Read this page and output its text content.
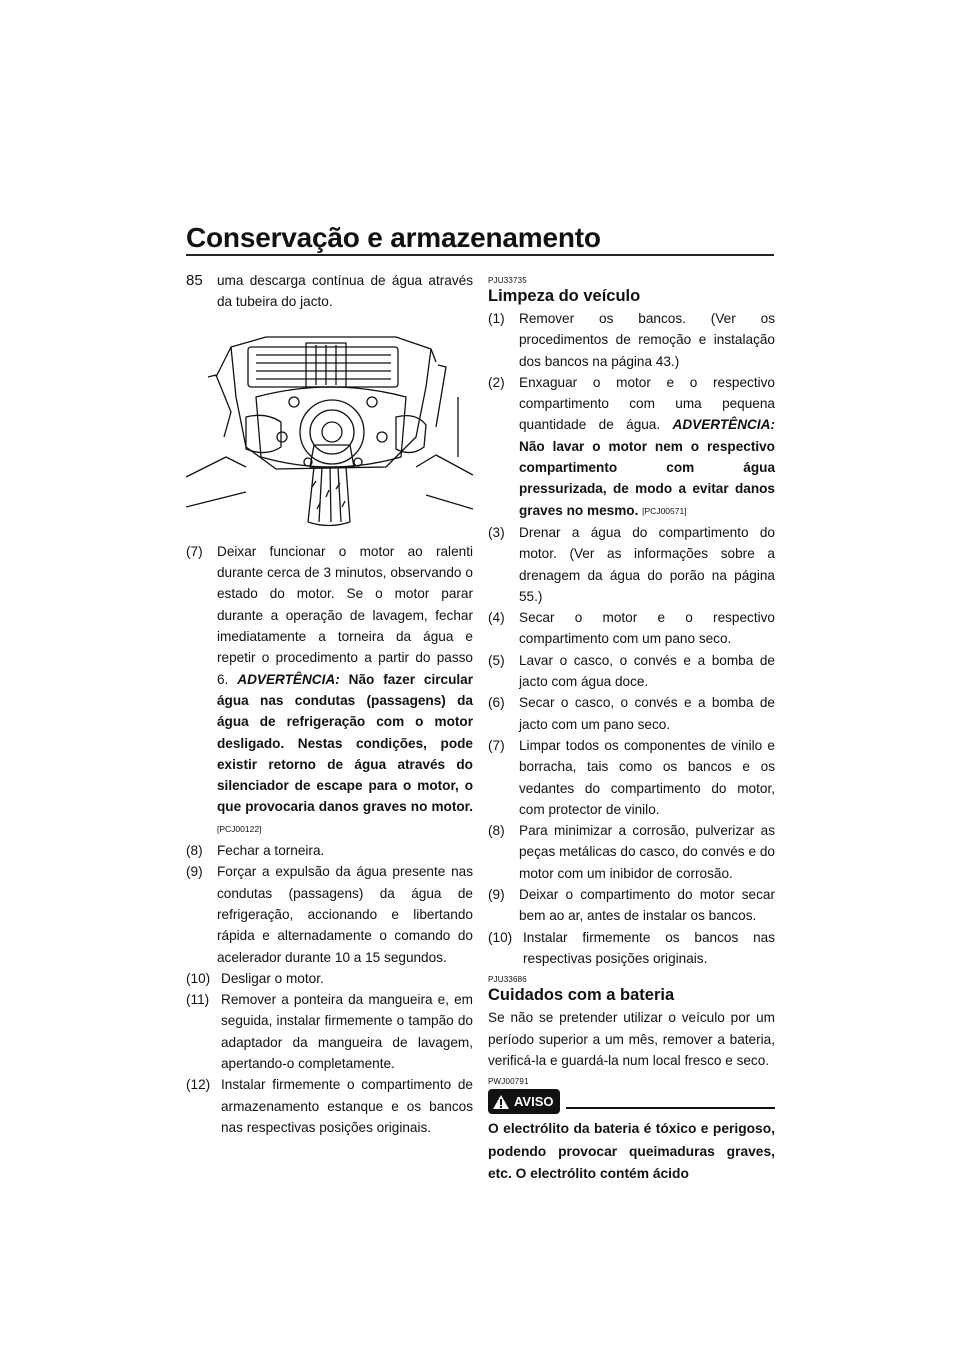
Conservação e armazenamento
85	uma descarga contínua de água através da tubeira do jacto.

(7)	Deixar funcionar o motor ao ralenti durante cerca de 3 minutos, observando o estado do motor. Se o motor parar durante a operação de lavagem, fechar imediatamente a torneira da água e repetir o procedimento a partir do passo 6. ADVERTÊNCIA: Não fazer circular água nas condutas (passagens) da água de refrigeração com o motor desligado. Nestas condições, pode existir retorno de água através do silenciador de escape para o motor, o que provocaria danos graves no motor. [PCJ00122]
(8)	Fechar a torneira.
(9)	Forçar a expulsão da água presente nas condutas (passagens) da água de refrigeração, accionando e libertando rápida e alternadamente o comando do acelerador durante 10 a 15 segundos.
(10) Desligar o motor.
(11) Remover a ponteira da mangueira e, em seguida, instalar firmemente o tampão do adaptador da mangueira de lavagem, apertando-o completamente.
(12) Instalar firmemente o compartimento de armazenamento estanque e os bancos nas respectivas posições originais.
PJU33735
Limpeza do veículo
(1)	Remover os bancos. (Ver os procedimentos de remoção e instalação dos bancos na página 43.)
(2)	Enxaguar o motor e o respectivo compartimento com uma pequena quantidade de água. ADVERTÊNCIA: Não lavar o motor nem o respectivo compartimento com água pressurizada, de modo a evitar danos graves no mesmo. [PCJ00571]
(3)	Drenar a água do compartimento do motor. (Ver as informações sobre a drenagem da água do porão na página 55.)
(4)	Secar o motor e o respectivo compartimento com um pano seco.
(5)	Lavar o casco, o convés e a bomba de jacto com água doce.
(6)	Secar o casco, o convés e a bomba de jacto com um pano seco.
(7)	Limpar todos os componentes de vinilo e borracha, tais como os bancos e os vedantes do compartimento do motor, com protector de vinilo.
(8)	Para minimizar a corrosão, pulverizar as peças metálicas do casco, do convés e do motor com um inibidor de corrosão.
(9)	Deixar o compartimento do motor secar bem ao ar, antes de instalar os bancos.
(10) Instalar firmemente os bancos nas respectivas posições originais.
PJU33686
Cuidados com a bateria

Se não se pretender utilizar o veículo por um período superior a um mês, remover a bateria, verificá-la e guardá-la num local fresco e seco.

PWJ00791
AVISO

O electrólito da bateria é tóxico e perigoso, podendo provocar queimaduras graves, etc. O electrólito contém ácido
